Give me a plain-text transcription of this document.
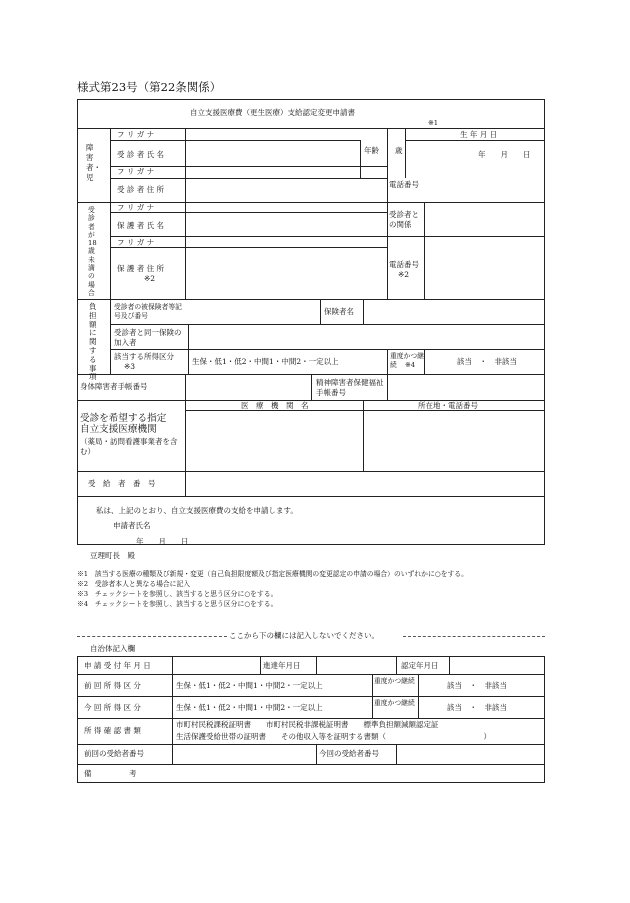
様式第23号（第22条関係）
自立支援医療費（更生医療）支給認定変更申請書
※1
障害者・児
フ リ ガ ナ
受 診 者 氏 名	年齢 歳
生 年 月 日
年　　月　　日
フ リ ガ ナ
受 診 者 住 所
電話番号
受診者が18歳未満の場合
フ リ ガ ナ
保 護 者 氏 名
受診者との関係
フ リ ガ ナ
保 護 者 住 所
※2
電話番号
※2
負担額に関する事項
受診者の被保険者等記号及び番号	保険者名
受診者と同一保険の加入者
該当する所得区分
※3
生保・低1・低2・中間1・中間2・一定以上
重度かつ継続	※4	該当　・　非該当
身体障害者手帳番号	精神障害者保健福祉手帳番号
受診を希望する指定
自立支援医療機関
（薬局・訪問看護事業者を含む）
医　療　機　関　名	所在地・電話番号
受　給　者　番　号
私は、上記のとおり、自立支援医療費の支給を申請します。
申請者氏名
年　　月　　日
豆理町長　殿
※1　該当する医療の種類及び新規・変更（自己負担限度額及び指定医療機関の変更認定の申請の場合）のいずれかに○をする。
※2　受診者本人と異なる場合に記入
※3　チェックシートを参照し、該当すると思う区分に○をする。
※4　チェックシートを参照し、該当すると思う区分に○をする。
ここから下の欄には記入しないでください。
自治体記入欄
申 請 受 付 年 月 日	進達年月日	認定年月日
前 回 所 得 区 分	生保・低1・低2・中間1・中間2・一定以上	重度かつ継続	該当　・　非該当
今 回 所 得 区 分	生保・低1・低2・中間1・中間2・一定以上	重度かつ継続	該当　・　非該当
所 得 確 認 書 類
市町村民税課税証明書　　市町村民税非課税証明書　　標準負担額減額認定証
生活保護受給世帯の証明書　　その他収入等を証明する書類（　　　　　　　　　　　　　）
前回の受給者番号	今回の受給者番号
備　　　　　考
